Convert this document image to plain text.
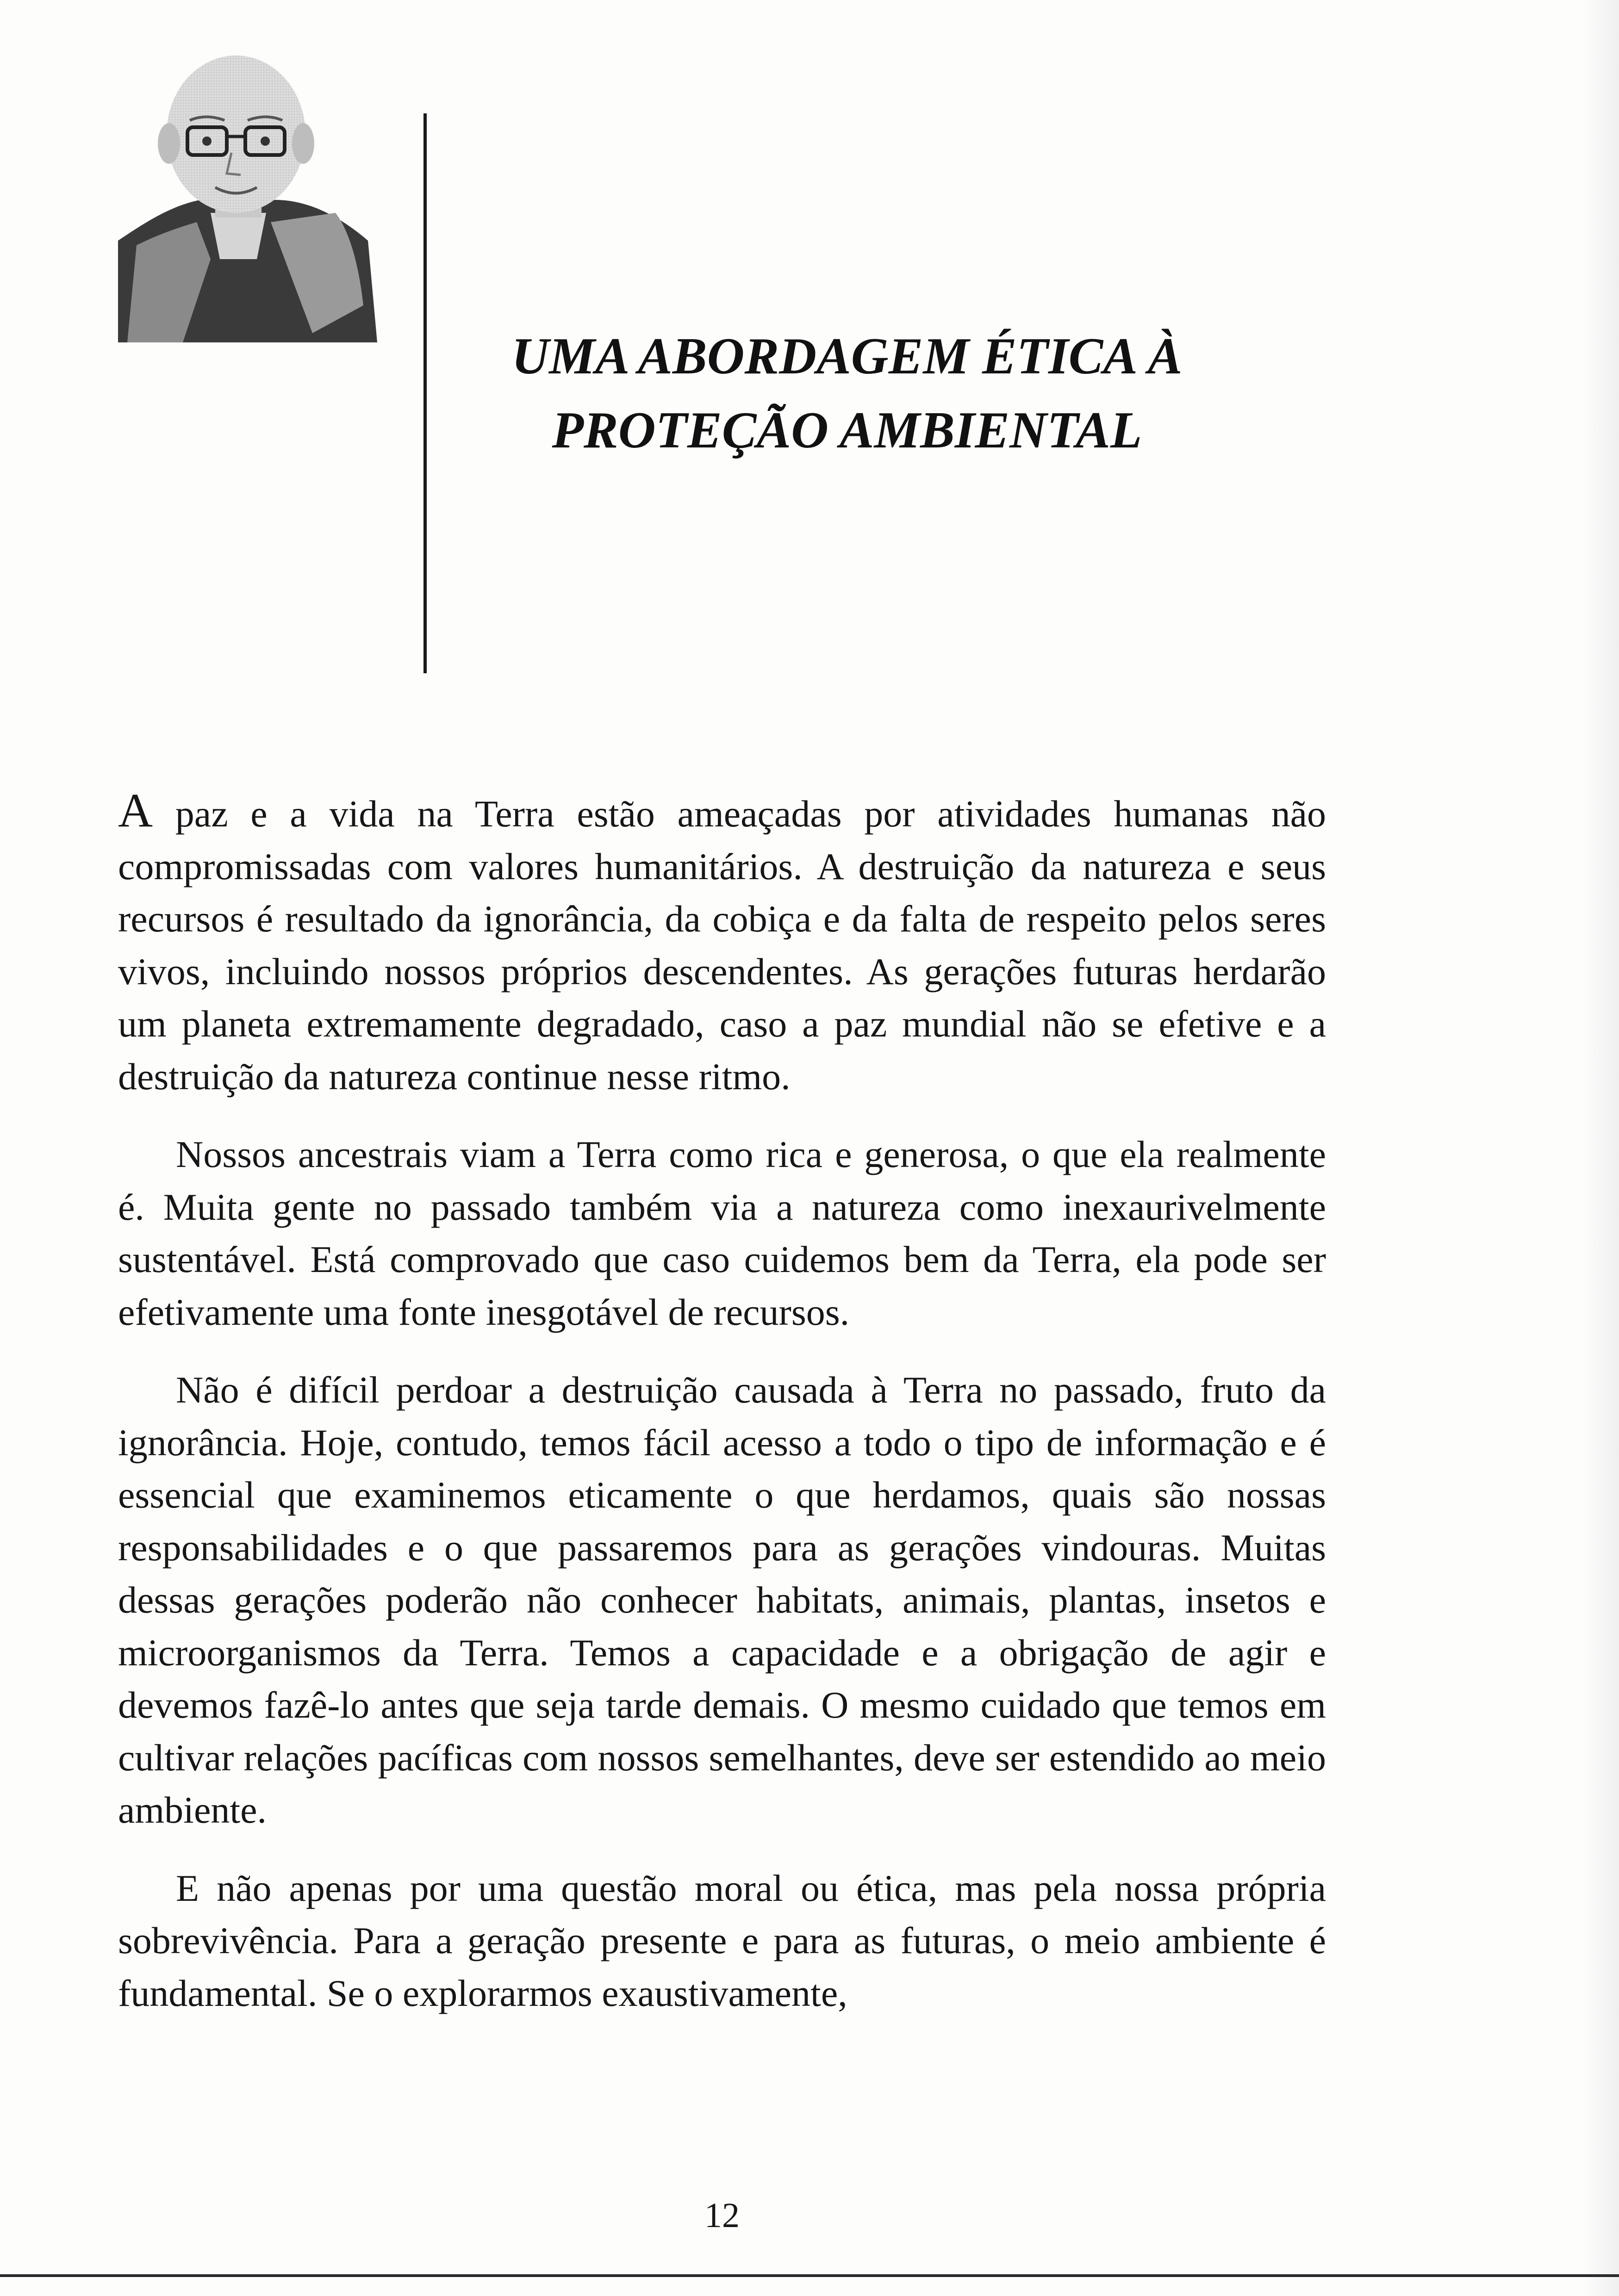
UMA ABORDAGEM ÉTICA À
PROTEÇÃO AMBIENTAL

A paz e a vida na Terra estão ameaçadas por atividades humanas não compromissadas com valores humanitários. A destruição da natureza e seus recursos é resultado da ignorância, da cobiça e da falta de respeito pelos seres vivos, incluindo nossos próprios descendentes. As gerações futuras herdarão um planeta extremamente degradado, caso a paz mundial não se efetive e a destruição da natureza continue nesse ritmo.

Nossos ancestrais viam a Terra como rica e generosa, o que ela realmente é. Muita gente no passado também via a natureza como inexaurivelmente sustentável. Está comprovado que caso cuidemos bem da Terra, ela pode ser efetivamente uma fonte inesgotável de recursos.

Não é difícil perdoar a destruição causada à Terra no passado, fruto da ignorância. Hoje, contudo, temos fácil acesso a todo o tipo de informação e é essencial que examinemos eticamente o que herdamos, quais são nossas responsabilidades e o que passaremos para as gerações vindouras. Muitas dessas gerações poderão não conhecer habitats, animais, plantas, insetos e microorganismos da Terra. Temos a capacidade e a obrigação de agir e devemos fazê-lo antes que seja tarde demais. O mesmo cuidado que temos em cultivar relações pacíficas com nossos semelhantes, deve ser estendido ao meio ambiente.

E não apenas por uma questão moral ou ética, mas pela nossa própria sobrevivência. Para a geração presente e para as futuras, o meio ambiente é fundamental. Se o explorarmos exaustivamente,

12
